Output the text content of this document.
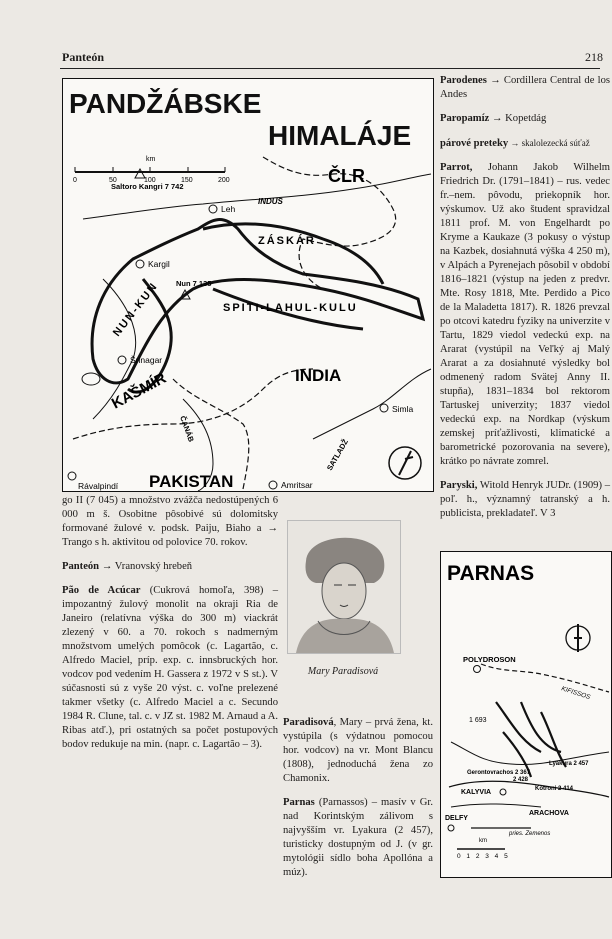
Panteón	218
PANDŽÁBSKE
HIMALÁJE
km
0	50	100	150	200
Saltoro Kangri 7 742
ČLR
Leh
INDUS
ZÁSKÁR
Kargil
Nun 7 135
NUN-KUN	SPITI-LAHUL-KULU
Šrinagar
KAŠMÍR	INDIA
Simla
ČANÁB
SATLADŽ
PAKISTAN
Rávalpindí	Amritsar

go II (7 045) a množstvo zvážča nedostúpených 6 000 m š. Osobitne pôsobivé sú dolomitsky formované žulové v. podsk. Paiju, Biaho a → Trango s h. aktivitou od polovice 70. rokov.

Panteón → Vranovský hrebeň

Pão de Acúcar (Cukrová homoľa, 398) – impozantný žulový monolit na okraji Ria de Janeiro (relatívna výška do 300 m) viackrát zlezený v 60. a 70. rokoch s nadmerným množstvom umelých pomôcok (c. Lagartão, c. Alfredo Maciel, príp. exp. c. innsbruckých hor. vodcov pod vedením H. Gassera z 1972 v S st.). V súčasnosti sú z vyše 20 výst. c. voľne prelezené takmer všetky (c. Alfredo Maciel a c. Secundo 1984 R. Clune, tal. c. v JZ st. 1982 M. Arnaud a A. Ribas atď.), pri ostatných sa počet postupových bodov redukuje na min. (napr. c. Lagartão – 3).

Mary Paradisová

Paradisová, Mary – prvá žena, kt. vystúpila (s výdatnou pomocou hor. vodcov) na vr. Mont Blancu (1808), jednoduchá žena zo Chamonix.

Parnas (Parnassos) – masív v Gr. nad Korintským zálivom s najvyšším vr. Lyakura (2 457), turisticky dostupným od J. (v gr. mytológii sídlo boha Apollóna a múz).

Parodenes → Cordillera Central de los Andes

Paropamíz → Kopetdág

párové preteky → skalolezecká súťaž

Parrot, Johann Jakob Wilhelm Friedrich Dr. (1791–1841) – rus. vedec fr.–nem. pôvodu, priekopník hor. výskumov. Už ako študent spravidzal 1811 prof. M. von Engelhardt po Kryme a Kaukaze (3 pokusy o výstup na Kazbek, dosiahnutá výška 4 250 m), v Alpách a Pyrenejach pôsobil v období 1816–1821 (výstup na jeden z predvr. Mte. Rosy 1818, Mte. Perdido a Pico de la Maladetta 1817). R. 1826 prevzal po otcovi katedru fyziky na univerzite v Tartu, 1829 viedol vedeckú exp. na Ararat (vystúpil na Veľký aj Malý Ararat a za dosiahnuté výsledky bol odmenený radom Svätej Anny II. stupňa), 1831–1834 bol rektorom Tartuskej univerzity; 1837 viedol vedeckú exp. na Nordkap (výskum zemskej príťažlivosti, klimatické a barometrické pozorovania na severe), krátko po návrate zomrel.

Paryski, Witold Henryk JUDr. (1909) – poľ. h., významný tatranský a h. publicista, prekladateľ. V 3

PARNAS
POLYDROSON
KIFISSOS
1 693
Gerontovrachos 2 367
Lyakura 2 457
2 428
Kotroni 2 414
KALYVIA
ARACHOVA
DELFY
pries. Zemenos
km
0 1 2 3 4 5
